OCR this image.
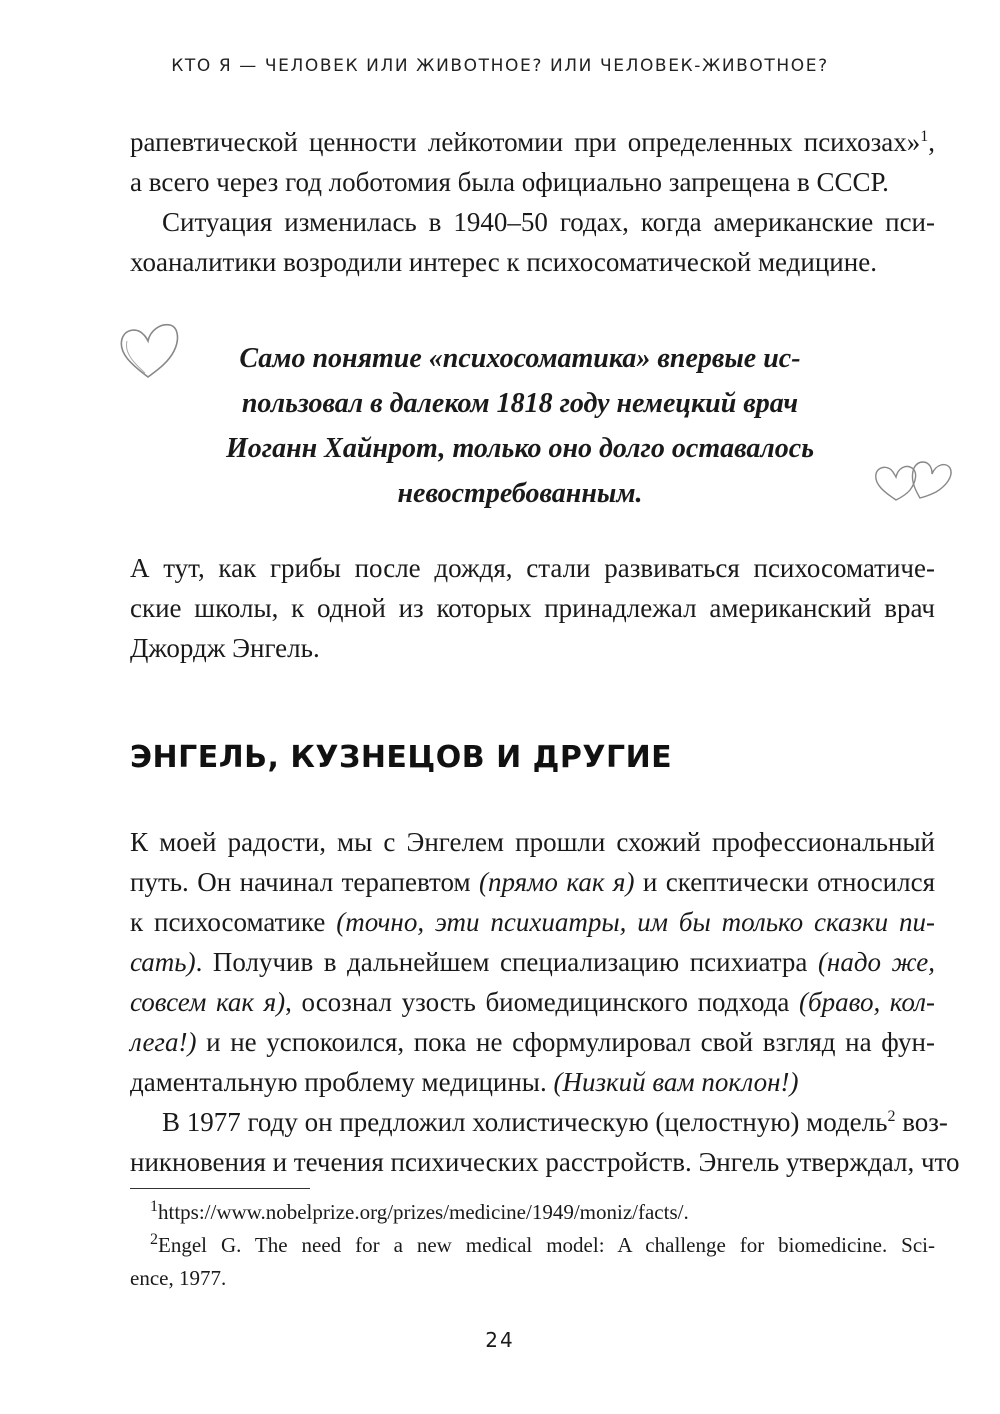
КТО Я — ЧЕЛОВЕК ИЛИ ЖИВОТНОЕ? ИЛИ ЧЕЛОВЕК-ЖИВОТНОЕ?
рапевтической ценности лейкотомии при определенных психозах»$^1$,
а всего через год лоботомия была официально запрещена в СССР.
Ситуация изменилась в 1940–50 годах, когда американские пси-
хоаналитики возродили интерес к психосоматической медицине.
Само понятие «психосоматика» впервые ис-
пользовал в далеком 1818 году немецкий врач
Иоганн Хайнрот, только оно долго оставалось
невостребованным.
А тут, как грибы после дождя, стали развиваться психосоматиче-
ские школы, к одной из которых принадлежал американский врач
Джордж Энгель.
ЭНГЕЛЬ, КУЗНЕЦОВ И ДРУГИЕ
К моей радости, мы с Энгелем прошли схожий профессиональный
путь. Он начинал терапевтом (прямо как я) и скептически относился
к психосоматике (точно, эти психиатры, им бы только сказки пи-
сать). Получив в дальнейшем специализацию психиатра (надо же,
совсем как я), осознал узость биомедицинского подхода (браво, кол-
лега!) и не успокоился, пока не сформулировал свой взгляд на фун-
даментальную проблему медицины. (Низкий вам поклон!)
В 1977 году он предложил холистическую (целостную) модель$^2$ воз-
никновения и течения психических расстройств. Энгель утверждал, что
$^1$https://www.nobelprize.org/prizes/medicine/1949/moniz/facts/.
$^2$Engel G. The need for a new medical model: A challenge for biomedicine. Sci-
ence, 1977.
24
